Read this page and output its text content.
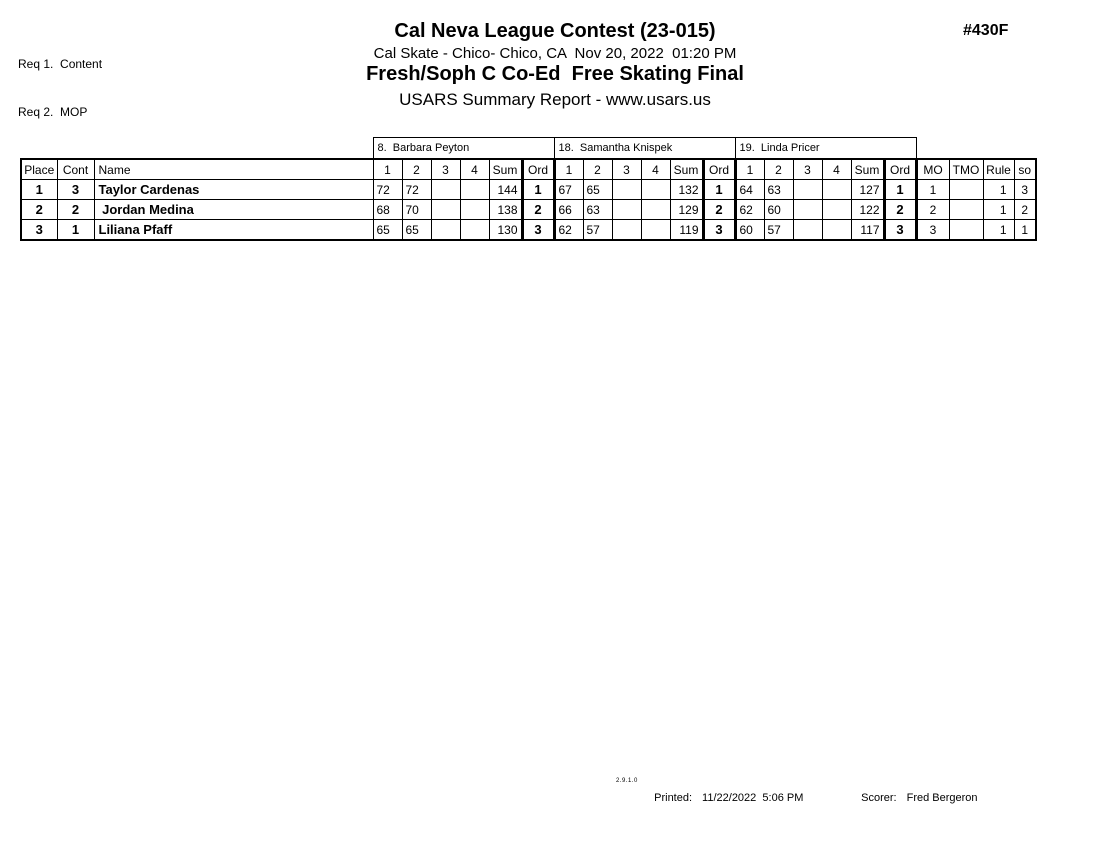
Req 1.  Content

Req 2.  MOP

#430F
Cal Neva League Contest (23-015)
Cal Skate - Chico- Chico, CA  Nov 20, 2022  01:20 PM
Fresh/Soph C Co-Ed  Free Skating Final
USARS Summary Report - www.usars.us
			8.  Barbara Peyton						18.  Samantha Knispek						19.  Linda Pricer									
Place	Cont	Name	1	2	3	4	Sum	Ord	1	2	3	4	Sum	Ord	1	2	3	4	Sum	Ord	MO	TMO	Rule	so
1	3	Taylor Cardenas	72	72			144	1	67	65			132	1	64	63			127	1	1		1	3
2	2	Jordan Medina	68	70			138	2	66	63			129	2	62	60			122	2	2		1	2
3	1	Liliana Pfaff	65	65			130	3	62	57			119	3	60	57			117	3	3		1	1
2.9.1.0

Printed: 11/22/2022  5:06 PM	Scorer: Fred Bergeron
